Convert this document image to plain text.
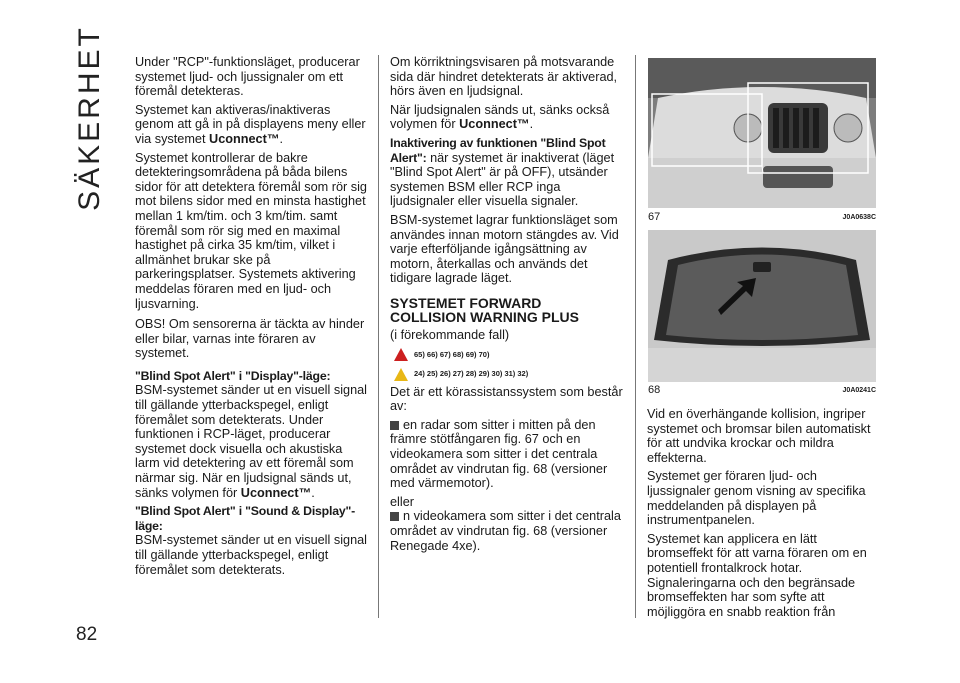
SÄKERHET
82

Under "RCP"-funktionsläget, producerar systemet ljud- och ljussignaler om ett föremål detekteras.

Systemet kan aktiveras/inaktiveras genom att gå in på displayens meny eller via systemet Uconnect™.

Systemet kontrollerar de bakre detekteringsområdena på båda bilens sidor för att detektera föremål som rör sig mot bilens sidor med en minsta hastighet mellan 1 km/tim. och 3 km/tim. samt föremål som rör sig med en maximal hastighet på cirka 35 km/tim, vilket i allmänhet brukar ske på parkeringsplatser. Systemets aktivering meddelas föraren med en ljud- och ljusvarning.

OBS! Om sensorerna är täckta av hinder eller bilar, varnas inte föraren av systemet.

"Blind Spot Alert" i "Display"-läge:

BSM-systemet sänder ut en visuell signal till gällande ytterbackspegel, enligt föremålet som detekterats. Under funktionen i RCP-läget, producerar systemet dock visuella och akustiska larm vid detektering av ett föremål som närmar sig. När en ljudsignal sänds ut, sänks volymen för Uconnect™.

"Blind Spot Alert" i "Sound & Display"-läge:

BSM-systemet sänder ut en visuell signal till gällande ytterbackspegel, enligt föremålet som detekterats.

Om körriktningsvisaren på motsvarande sida där hindret detekterats är aktiverad, hörs även en ljudsignal.

När ljudsignalen sänds ut, sänks också volymen för Uconnect™.

Inaktivering av funktionen "Blind Spot Alert": när systemet är inaktiverat (läget "Blind Spot Alert" är på OFF), utsänder systemen BSM eller RCP inga ljudsignaler eller visuella signaler.

BSM-systemet lagrar funktionsläget som användes innan motorn stängdes av. Vid varje efterföljande igångsättning av motorn, återkallas och används det tidigare lagrade läget.

SYSTEMET FORWARD
COLLISION WARNING PLUS

(i förekommande fall)

65) 66) 67) 68) 69) 70)
24) 25) 26) 27) 28) 29) 30) 31) 32)

Det är ett körassistanssystem som består av:

en radar som sitter i mitten på den främre stötfångaren fig. 67 och en videokamera som sitter i det centrala området av vindrutan fig. 68 (versioner med värmemotor).

eller

n videokamera som sitter i det centrala området av vindrutan fig. 68 (versioner Renegade 4xe).

67	J0A0638C
68	J0A0241C

Vid en överhängande kollision, ingriper systemet och bromsar bilen automatiskt för att undvika krockar och mildra effekterna.

Systemet ger föraren ljud- och ljussignaler genom visning av specifika meddelanden på displayen på instrumentpanelen.

Systemet kan applicera en lätt bromseffekt för att varna föraren om en potentiell frontalkrock hotar. Signaleringarna och den begränsade bromseffekten har som syfte att möjliggöra en snabb reaktion från
